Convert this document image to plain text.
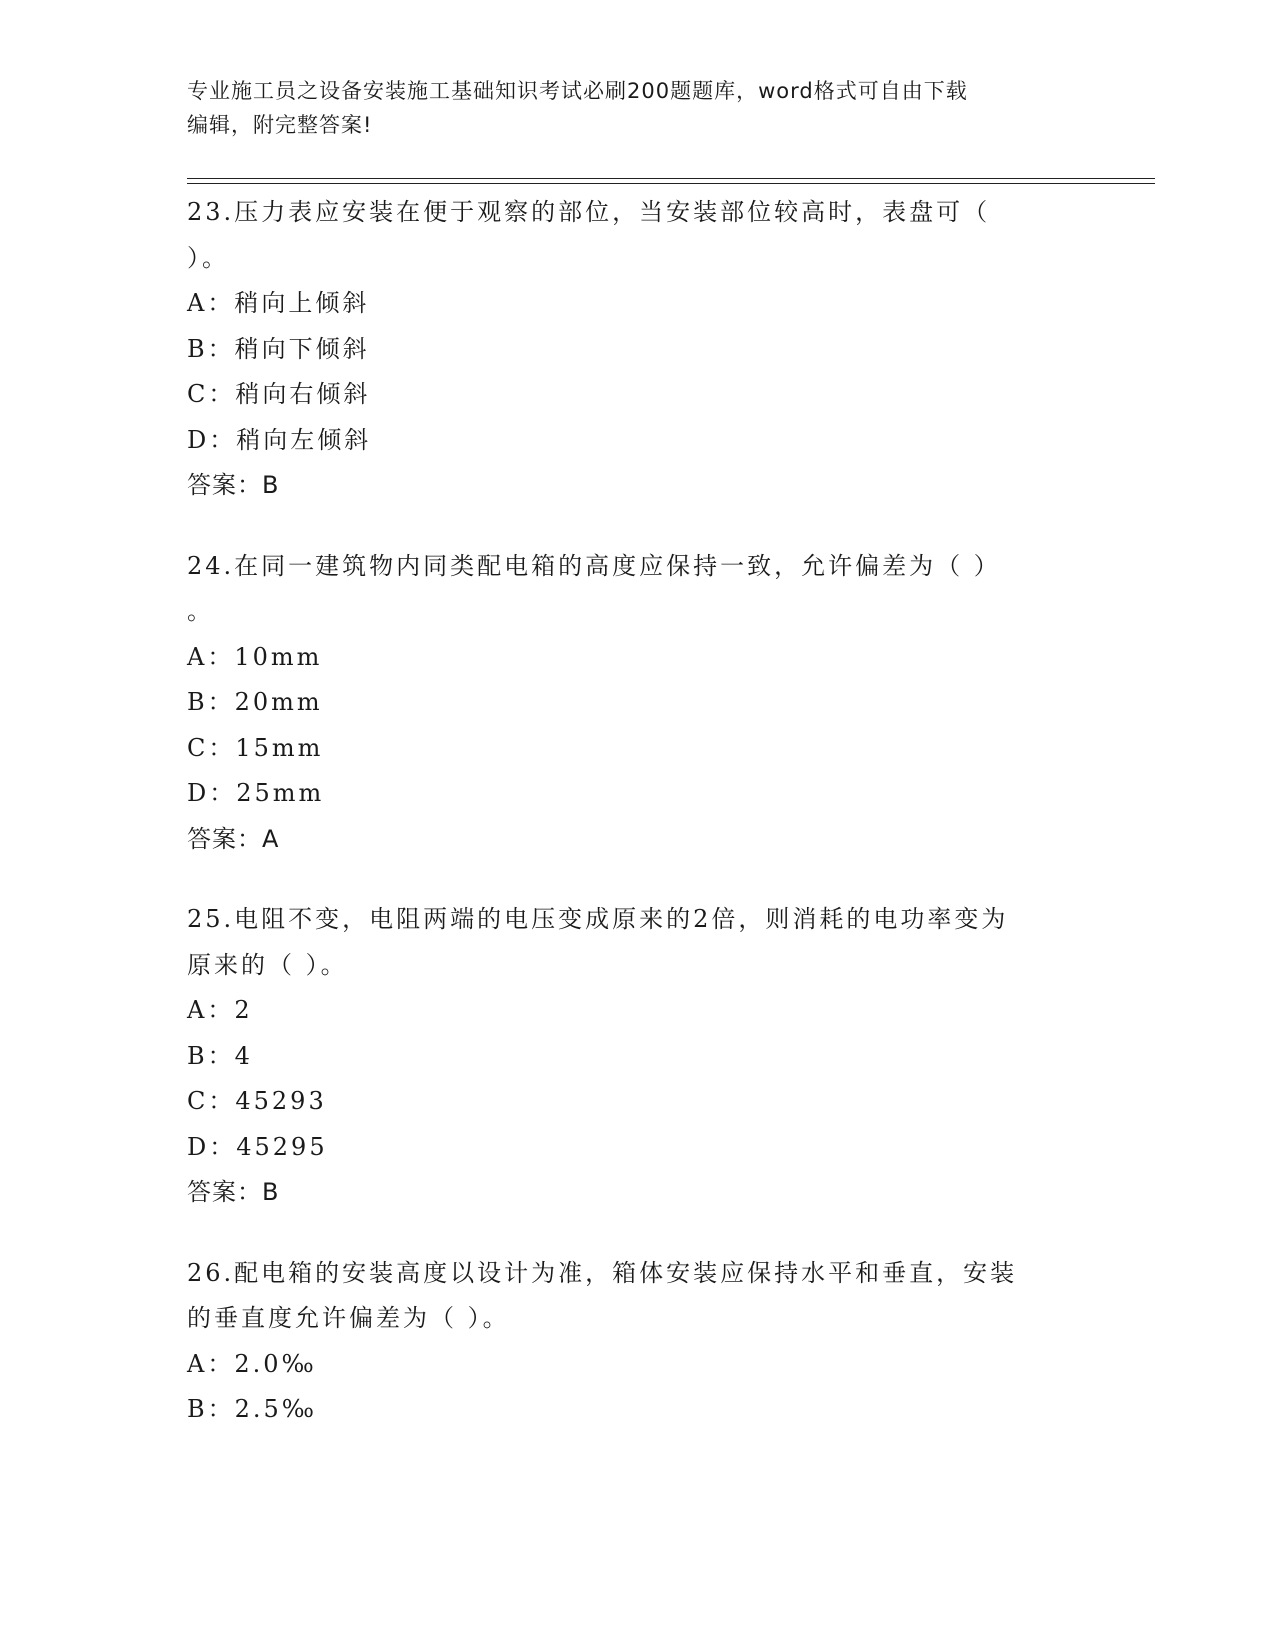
专业施工员之设备安装施工基础知识考试必刷200题题库，word格式可自由下载
编辑，附完整答案!
23.压力表应安装在便于观察的部位，当安装部位较高时，表盘可（
）。
A：稍向上倾斜
B：稍向下倾斜
C：稍向右倾斜
D：稍向左倾斜
答案：B
24.在同一建筑物内同类配电箱的高度应保持一致，允许偏差为（ ）
。
A：10mm
B：20mm
C：15mm
D：25mm
答案：A
25.电阻不变，电阻两端的电压变成原来的2倍，则消耗的电功率变为
原来的（ ）。
A：2
B：4
C：45293
D：45295
答案：B
26.配电箱的安装高度以设计为准，箱体安装应保持水平和垂直，安装
的垂直度允许偏差为（ ）。
A：2.0‰
B：2.5‰
